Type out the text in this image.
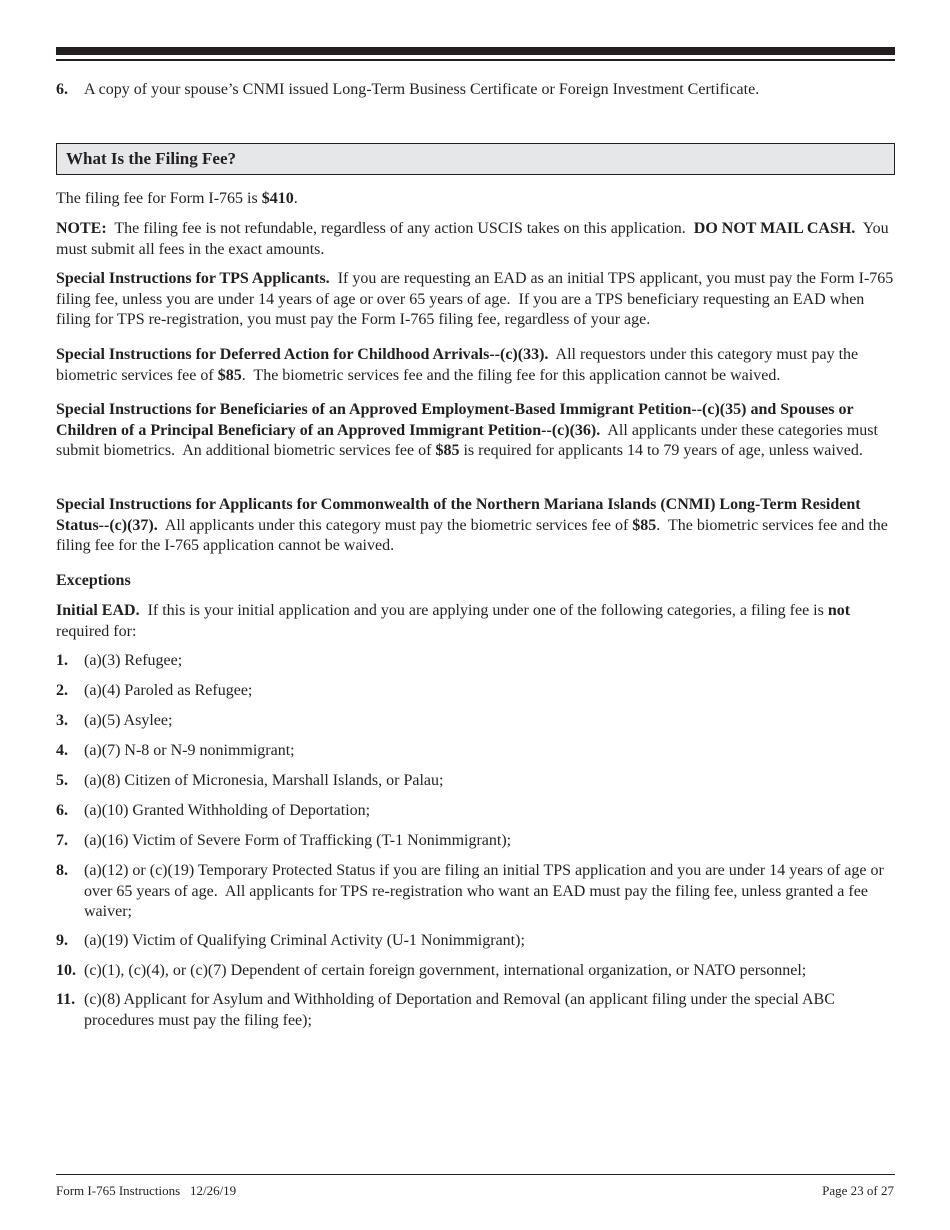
6.	A copy of your spouse’s CNMI issued Long-Term Business Certificate or Foreign Investment Certificate.
What Is the Filing Fee?

The filing fee for Form I-765 is $410.

NOTE:  The filing fee is not refundable, regardless of any action USCIS takes on this application.  DO NOT MAIL CASH.  You must submit all fees in the exact amounts.

Special Instructions for TPS Applicants.  If you are requesting an EAD as an initial TPS applicant, you must pay the Form I-765 filing fee, unless you are under 14 years of age or over 65 years of age.  If you are a TPS beneficiary requesting an EAD when filing for TPS re-registration, you must pay the Form I-765 filing fee, regardless of your age.

Special Instructions for Deferred Action for Childhood Arrivals--(c)(33).  All requestors under this category must pay the biometric services fee of $85.  The biometric services fee and the filing fee for this application cannot be waived.

Special Instructions for Beneficiaries of an Approved Employment-Based Immigrant Petition--(c)(35) and Spouses or Children of a Principal Beneficiary of an Approved Immigrant Petition--(c)(36).  All applicants under these categories must submit biometrics.  An additional biometric services fee of $85 is required for applicants 14 to 79 years of age, unless waived.

Special Instructions for Applicants for Commonwealth of the Northern Mariana Islands (CNMI) Long-Term Resident Status--(c)(37).  All applicants under this category must pay the biometric services fee of $85.  The biometric services fee and the filing fee for the I-765 application cannot be waived.

Exceptions

Initial EAD.  If this is your initial application and you are applying under one of the following categories, a filing fee is not required for:

1.	(a)(3) Refugee;
2.	(a)(4) Paroled as Refugee;
3.	(a)(5) Asylee;
4.	(a)(7) N-8 or N-9 nonimmigrant;
5.	(a)(8) Citizen of Micronesia, Marshall Islands, or Palau;
6.	(a)(10) Granted Withholding of Deportation;
7.	(a)(16) Victim of Severe Form of Trafficking (T-1 Nonimmigrant);
8.	(a)(12) or (c)(19) Temporary Protected Status if you are filing an initial TPS application and you are under 14 years of age or over 65 years of age.  All applicants for TPS re-registration who want an EAD must pay the filing fee, unless granted a fee waiver;
9.	(a)(19) Victim of Qualifying Criminal Activity (U-1 Nonimmigrant);
10. (c)(1), (c)(4), or (c)(7) Dependent of certain foreign government, international organization, or NATO personnel;
11. (c)(8) Applicant for Asylum and Withholding of Deportation and Removal (an applicant filing under the special ABC procedures must pay the filing fee);
Form I-765 Instructions   12/26/19	Page 23 of 27
